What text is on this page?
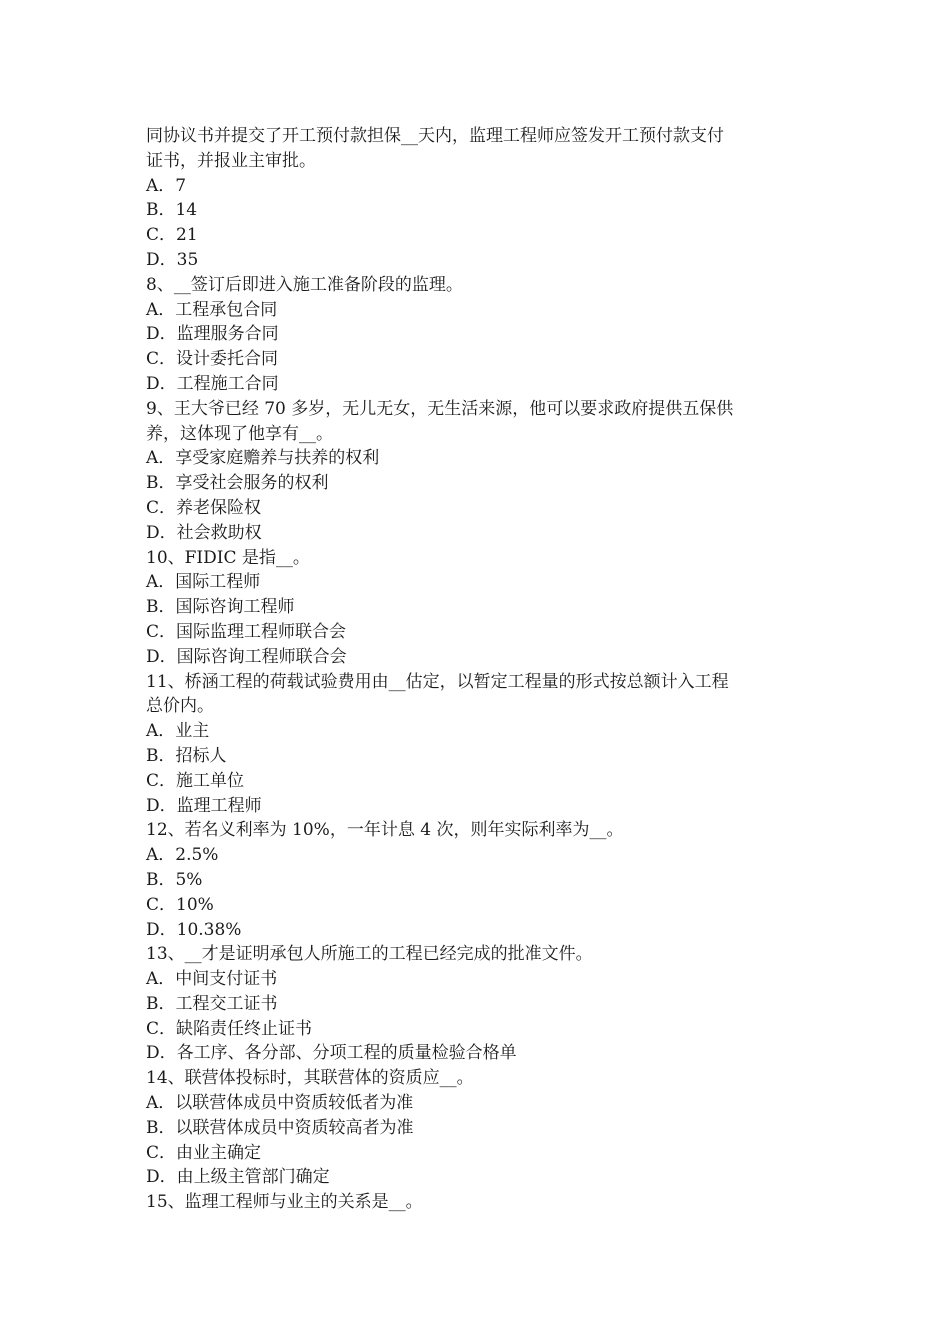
同协议书并提交了开工预付款担保__天内，监理工程师应签发开工预付款支付
证书，并报业主审批。
A．7
B．14
C．21
D．35
8、__签订后即进入施工准备阶段的监理。
A．工程承包合同
D．监理服务合同
C．设计委托合同
D．工程施工合同
9、王大爷已经 70 多岁，无儿无女，无生活来源，他可以要求政府提供五保供
养，这体现了他享有__。
A．享受家庭赡养与扶养的权利
B．享受社会服务的权利
C．养老保险权
D．社会救助权
10、FIDIC 是指__。
A．国际工程师
B．国际咨询工程师
C．国际监理工程师联合会
D．国际咨询工程师联合会
11、桥涵工程的荷载试验费用由__估定，以暂定工程量的形式按总额计入工程
总价内。
A．业主
B．招标人
C．施工单位
D．监理工程师
12、若名义利率为 10%，一年计息 4 次，则年实际利率为__。
A．2.5%
B．5%
C．10%
D．10.38%
13、__才是证明承包人所施工的工程已经完成的批准文件。
A．中间支付证书
B．工程交工证书
C．缺陷责任终止证书
D．各工序、各分部、分项工程的质量检验合格单
14、联营体投标时，其联营体的资质应__。
A．以联营体成员中资质较低者为准
B．以联营体成员中资质较高者为准
C．由业主确定
D．由上级主管部门确定
15、监理工程师与业主的关系是__。
